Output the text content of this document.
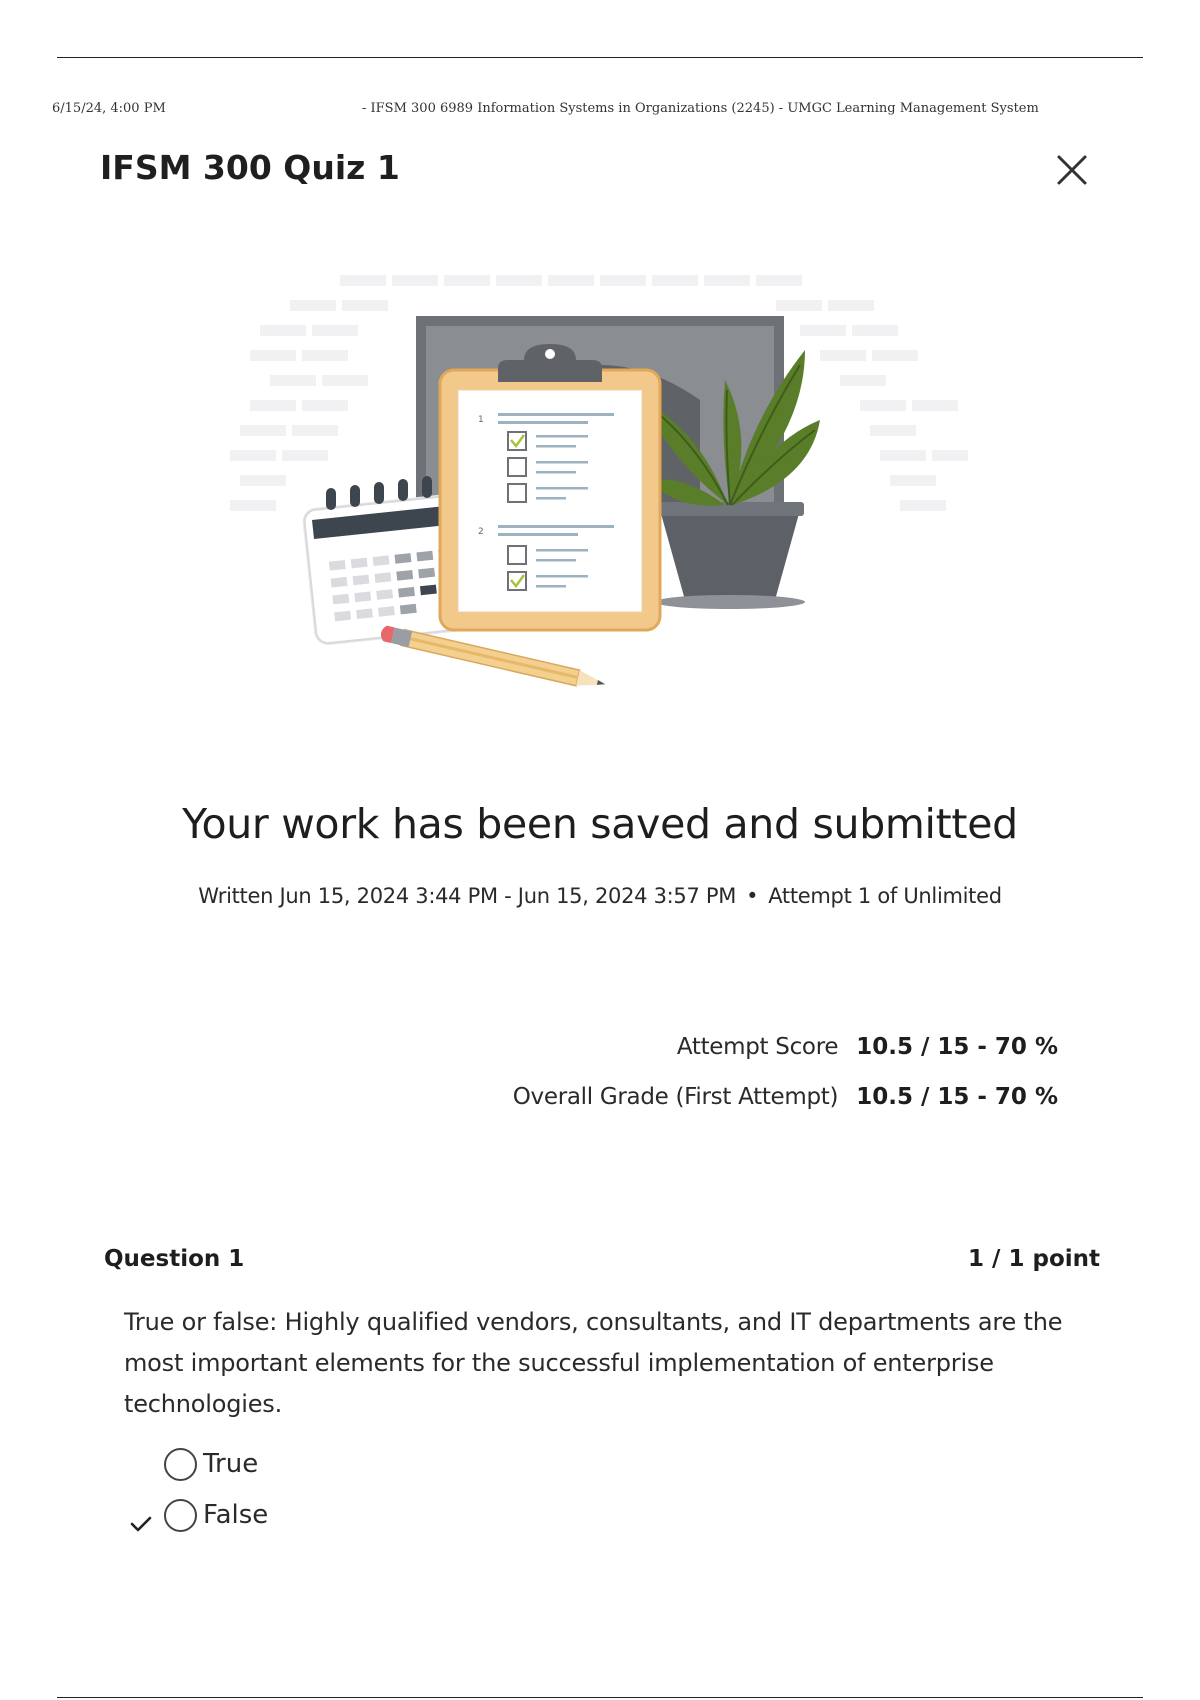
6/15/24, 4:00 PM	- IFSM 300 6989 Information Systems in Organizations (2245) - UMGC Learning Management System
IFSM 300 Quiz 1
1
2
Your work has been saved and submitted
Written Jun 15, 2024 3:44 PM - Jun 15, 2024 3:57 PM • Attempt 1 of Unlimited
Attempt Score 10.5 / 15 - 70 %
Overall Grade (First Attempt) 10.5 / 15 - 70 %
Question 1	1 / 1 point

True or false: Highly qualified vendors, consultants, and IT departments are the most important elements for the successful implementation of enterprise technologies.

True
False
